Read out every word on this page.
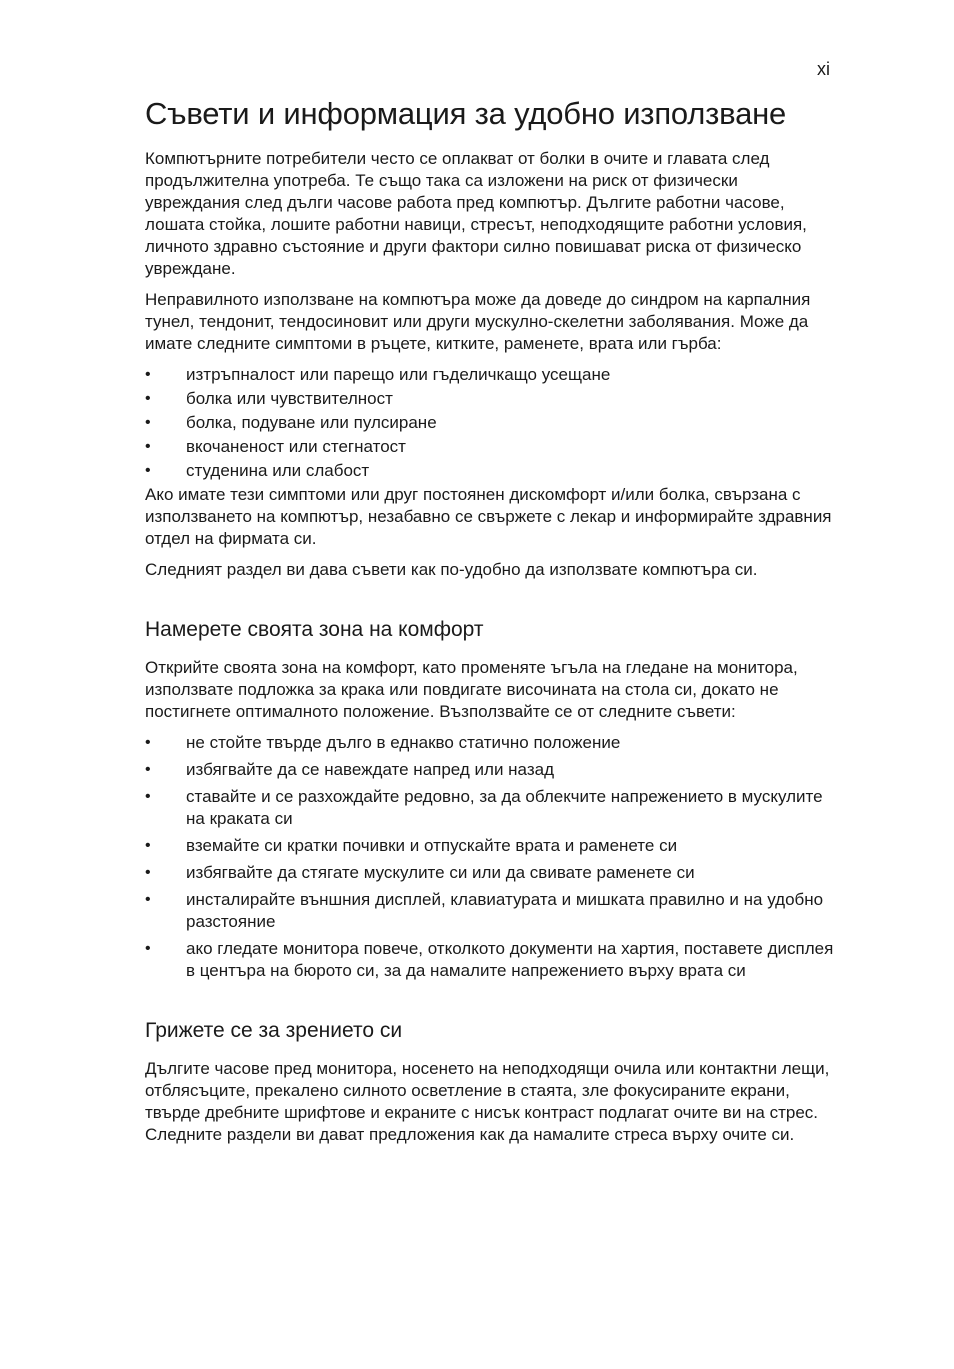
xi
Съвети и информация за удобно използване

Компютърните потребители често се оплакват от болки в очите и главата след продължителна употреба. Те също така са изложени на риск от физически увреждания след дълги часове работа пред компютър. Дългите работни часове, лошата стойка, лошите работни навици, стресът, неподходящите работни условия, личното здравно състояние и други фактори силно повишават риска от физическо увреждане.

Неправилното използване на компютъра може да доведе до синдром на карпалния тунел, тендонит, тендосиновит или други мускулно-скелетни заболявания. Може да имате следните симптоми в ръцете, китките, раменете, врата или гърба:

•	изтръпналост или парещо или гъделичкащо усещане
•	болка или чувствителност
•	болка, подуване или пулсиране
•	вкочаненост или стегнатост
•	студенина или слабост

Ако имате тези симптоми или друг постоянен дискомфорт и/или болка, свързана с използването на компютър, незабавно се свържете с лекар и информирайте здравния отдел на фирмата си.

Следният раздел ви дава съвети как по-удобно да използвате компютъра си.

Намерете своята зона на комфорт

Открийте своята зона на комфорт, като променяте ъгъла на гледане на монитора, използвате подложка за крака или повдигате височината на стола си, докато не постигнете оптималното положение. Възползвайте се от следните съвети:

•	не стойте твърде дълго в еднакво статично положение
•	избягвайте да се навеждате напред или назад
•	ставайте и се разхождайте редовно, за да облекчите напрежението в мускулите на краката си
•	вземайте си кратки почивки и отпускайте врата и раменете си
•	избягвайте да стягате мускулите си или да свивате раменете си
•	инсталирайте външния дисплей, клавиатурата и мишката правилно и на удобно разстояние
•	ако гледате монитора повече, отколкото документи на хартия, поставете дисплея в центъра на бюрото си, за да намалите напрежението върху врата си
Грижете се за зрението си

Дългите часове пред монитора, носенето на неподходящи очила или контактни лещи, отблясъците, прекалено силното осветление в стаята, зле фокусираните екрани, твърде дребните шрифтове и екраните с нисък контраст подлагат очите ви на стрес. Следните раздели ви дават предложения как да намалите стреса върху очите си.
